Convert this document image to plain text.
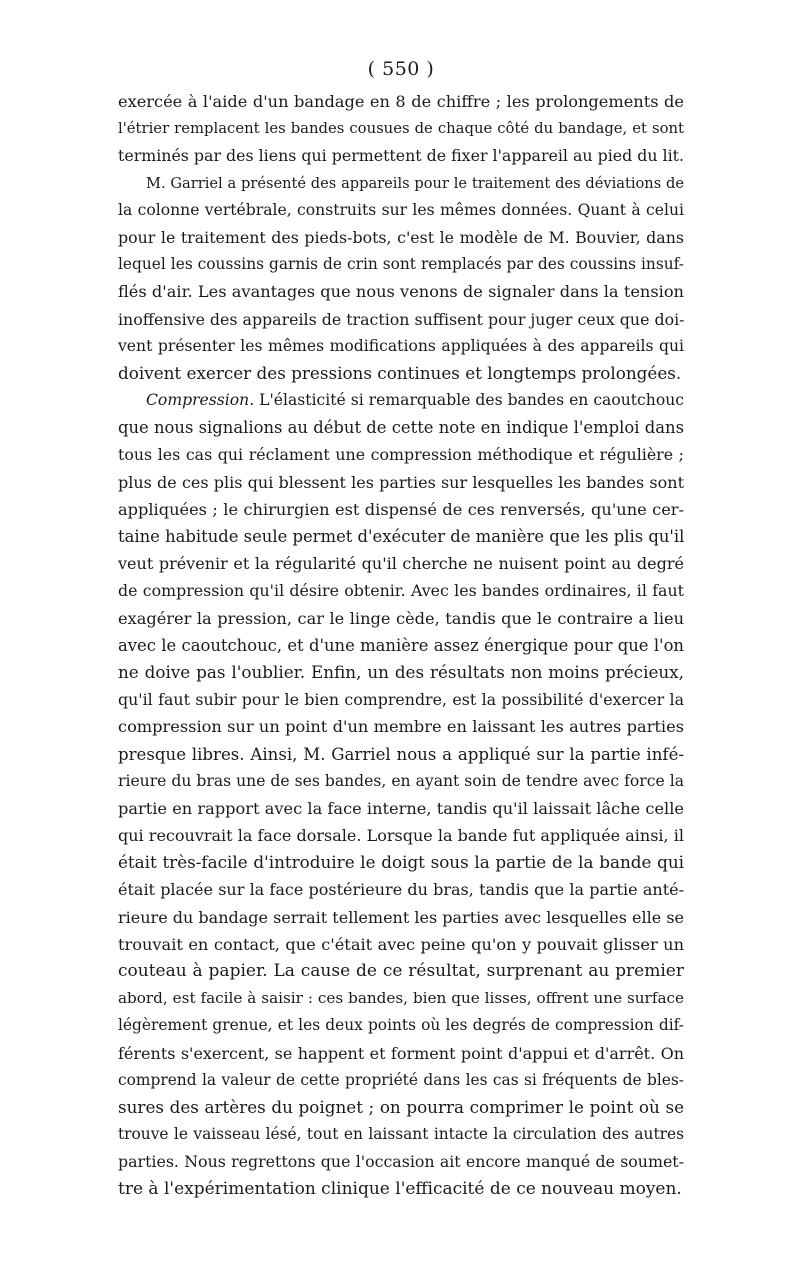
( 550 )
exercée à l'aide d'un bandage en 8 de chiffre ; les prolongements de
l'étrier remplacent les bandes cousues de chaque côté du bandage, et sont
terminés par des liens qui permettent de fixer l'appareil au pied du lit.
M. Garriel a présenté des appareils pour le traitement des déviations de
la colonne vertébrale, construits sur les mêmes données. Quant à celui
pour le traitement des pieds-bots, c'est le modèle de M. Bouvier, dans
lequel les coussins garnis de crin sont remplacés par des coussins insuf-
flés d'air. Les avantages que nous venons de signaler dans la tension
inoffensive des appareils de traction suffisent pour juger ceux que doi-
vent présenter les mêmes modifications appliquées à des appareils qui
doivent exercer des pressions continues et longtemps prolongées.
Compression. L'élasticité si remarquable des bandes en caoutchouc
que nous signalions au début de cette note en indique l'emploi dans
tous les cas qui réclament une compression méthodique et régulière ;
plus de ces plis qui blessent les parties sur lesquelles les bandes sont
appliquées ; le chirurgien est dispensé de ces renversés, qu'une cer-
taine habitude seule permet d'exécuter de manière que les plis qu'il
veut prévenir et la régularité qu'il cherche ne nuisent point au degré
de compression qu'il désire obtenir. Avec les bandes ordinaires, il faut
exagérer la pression, car le linge cède, tandis que le contraire a lieu
avec le caoutchouc, et d'une manière assez énergique pour que l'on
ne doive pas l'oublier. Enfin, un des résultats non moins précieux,
qu'il faut subir pour le bien comprendre, est la possibilité d'exercer la
compression sur un point d'un membre en laissant les autres parties
presque libres. Ainsi, M. Garriel nous a appliqué sur la partie infé-
rieure du bras une de ses bandes, en ayant soin de tendre avec force la
partie en rapport avec la face interne, tandis qu'il laissait lâche celle
qui recouvrait la face dorsale. Lorsque la bande fut appliquée ainsi, il
était très-facile d'introduire le doigt sous la partie de la bande qui
était placée sur la face postérieure du bras, tandis que la partie anté-
rieure du bandage serrait tellement les parties avec lesquelles elle se
trouvait en contact, que c'était avec peine qu'on y pouvait glisser un
couteau à papier. La cause de ce résultat, surprenant au premier
abord, est facile à saisir : ces bandes, bien que lisses, offrent une surface
légèrement grenue, et les deux points où les degrés de compression dif-
férents s'exercent, se happent et forment point d'appui et d'arrêt. On
comprend la valeur de cette propriété dans les cas si fréquents de bles-
sures des artères du poignet ; on pourra comprimer le point où se
trouve le vaisseau lésé, tout en laissant intacte la circulation des autres
parties. Nous regrettons que l'occasion ait encore manqué de soumet-
tre à l'expérimentation clinique l'efficacité de ce nouveau moyen.
